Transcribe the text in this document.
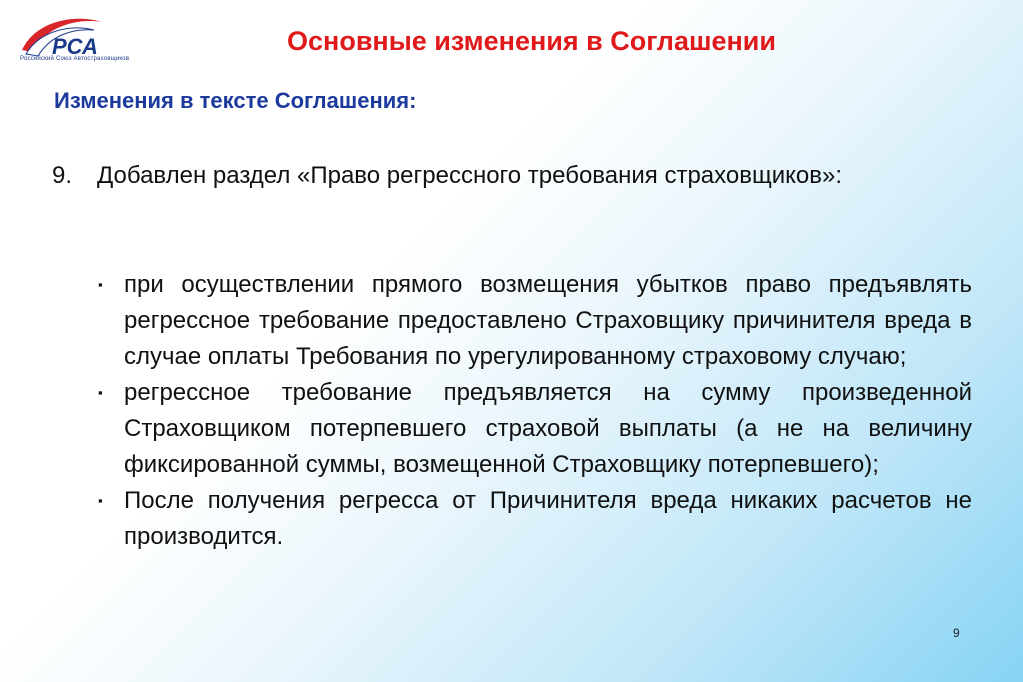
РСА
Российский Союз Автостраховщиков
Основные изменения в Соглашении
Изменения в тексте Соглашения:
9.	Добавлен раздел «Право регрессного требования страховщиков»:
▪ при осуществлении прямого возмещения убытков право предъявлять регрессное требование предоставлено Страховщику причинителя вреда в случае оплаты Требования по урегулированному страховому случаю;
▪ регрессное требование предъявляется на сумму произведенной Страховщиком потерпевшего страховой выплаты (а не на величину фиксированной суммы, возмещенной Страховщику потерпевшего);
▪ После получения регресса от Причинителя вреда никаких расчетов не производится.
9
